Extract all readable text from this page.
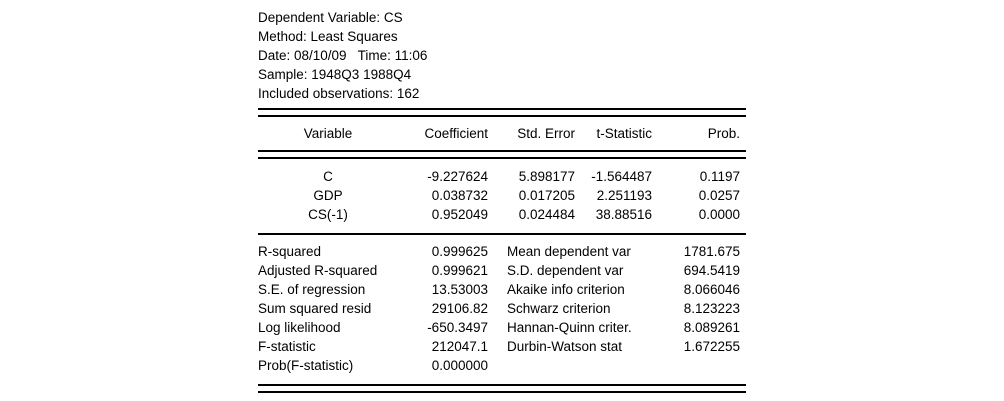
Dependent Variable: CS
Method: Least Squares
Date: 08/10/09   Time: 11:06
Sample: 1948Q3 1988Q4
Included observations: 162
Variable	Coefficient	Std. Error	t-Statistic	Prob.
C	-9.227624	5.898177	-1.564487	0.1197
GDP	0.038732	0.017205	2.251193	0.0257
CS(-1)	0.952049	0.024484	38.88516	0.0000
R-squared	0.999625	Mean dependent var	1781.675
Adjusted R-squared	0.999621	S.D. dependent var	694.5419
S.E. of regression	13.53003	Akaike info criterion	8.066046
Sum squared resid	29106.82	Schwarz criterion	8.123223
Log likelihood	-650.3497	Hannan-Quinn criter.	8.089261
F-statistic	212047.1	Durbin-Watson stat	1.672255
Prob(F-statistic)	0.000000		
